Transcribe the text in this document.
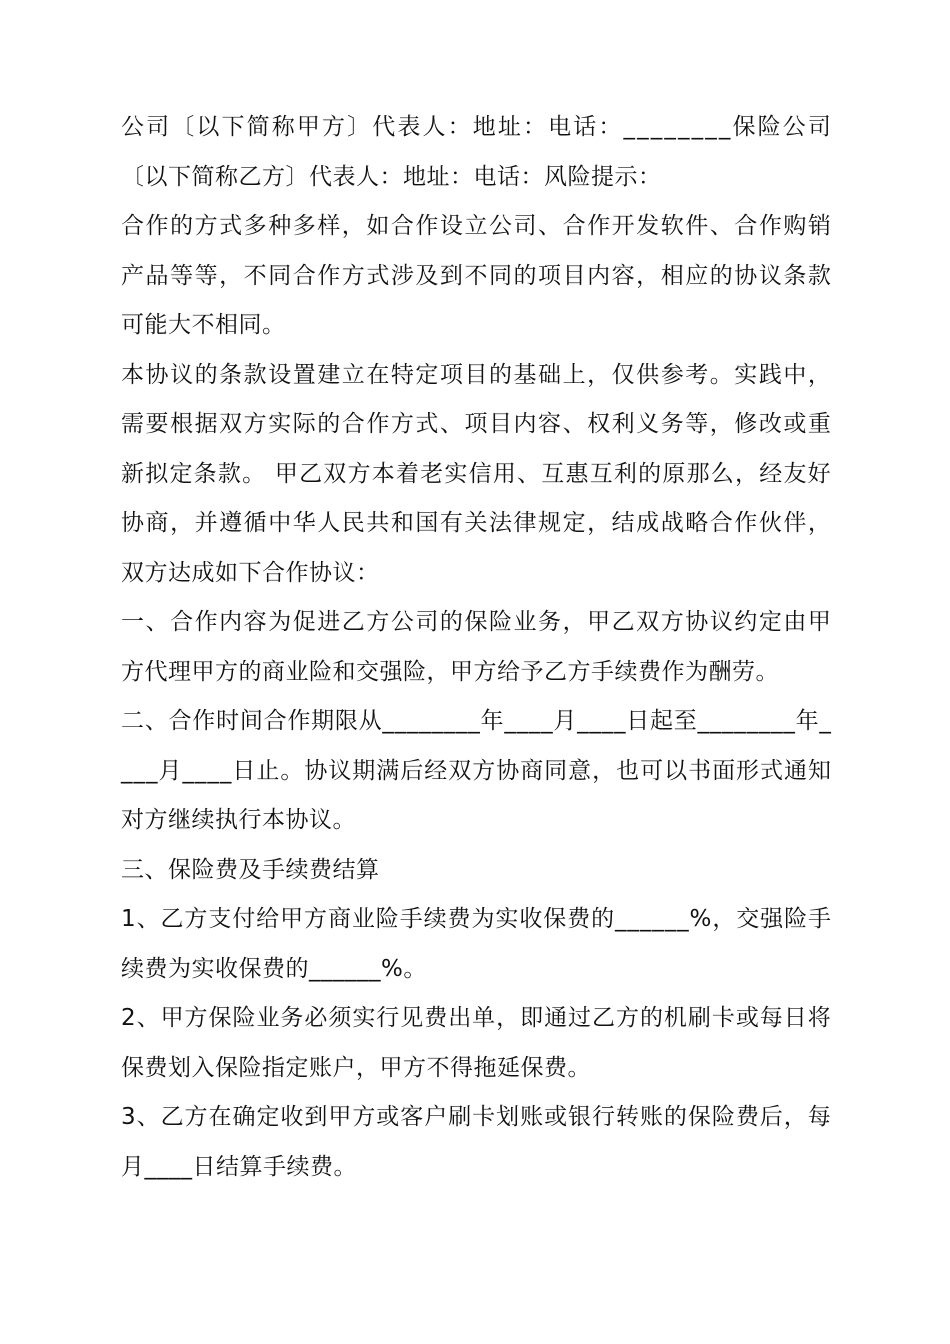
公 司 〔 以 下 简 称 甲 方 〕 代 表 人 ： 地 址 ： 电 话 ： _ _ _ _ _ _ _ _ 保 险 公 司

〔以下简称乙方〕代表人：地址：电话：风险提示：

合 作 的 方 式 多 种 多 样 ， 如 合 作 设 立 公 司 、 合 作 开 发 软 件 、 合 作 购 销

产 品 等 等 ， 不 同 合 作 方 式 涉 及 到 不 同 的 项 目 内 容 ， 相 应 的 协 议 条 款

可能大不相同。

本 协 议 的 条 款 设 置 建 立 在 特 定 项 目 的 基 础 上 ， 仅 供 参 考 。 实 践 中 ，

需 要 根 据 双 方 实 际 的 合 作 方 式 、 项 目 内 容 、 权 利 义 务 等 ， 修 改 或 重

新 拟 定 条 款 。
甲 乙 双 方 本 着 老 实 信 用 、 互 惠 互 利 的 原 那 么 ， 经 友 好

协 商 ， 并 遵 循 中 华 人 民 共 和 国 有 关 法 律 规 定 ， 结 成 战 略 合 作 伙 伴 ，

双方达成如下合作协议：

一 、 合 作 内 容 为 促 进 乙 方 公 司 的 保 险 业 务 ， 甲 乙 双 方 协 议 约 定 由 甲

方代理甲方的商业险和交强险，甲方给予乙方手续费作为酬劳。

二 、 合 作 时 间 合 作 期 限 从 _ _ _ _ _ _ _ _ 年 _ _ _ _ 月 _ _ _ _ 日 起 至 _ _ _ _ _ _ _ _ 年 _

_ _ _ 月 _ _ _ _ 日 止 。 协 议 期 满 后 经 双 方 协 商 同 意 ， 也 可 以 书 面 形 式 通 知

对方继续执行本协议。

三、保险费及手续费结算

1 、 乙 方 支 付 给 甲 方 商 业 险 手 续 费 为 实 收 保 费 的 _ _ _ _ _ _ % ， 交 强 险 手

续费为实收保费的______%。

2 、 甲 方 保 险 业 务 必 须 实 行 见 费 出 单 ， 即 通 过 乙 方 的 机 刷 卡 或 每 日 将

保费划入保险指定账户，甲方不得拖延保费。

3 、 乙 方 在 确 定 收 到 甲 方 或 客 户 刷 卡 划 账 或 银 行 转 账 的 保 险 费 后 ， 每

月____日结算手续费。
